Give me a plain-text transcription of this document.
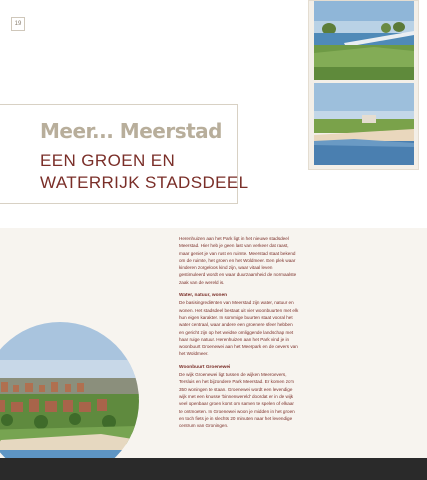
19
Meer... Meerstad
EEN GROEN EN
WATERRIJK STADSDEEL

Herenhuizen aan het Park ligt in het nieuwe stadsdeel Meerstad. Hier heb je geen last van verkeer dat raast, maar geniet je van rust en ruimte. Meerstad staat bekend om de ruimte, het groen en het Woldmeer. Een plek waar kinderen zorgeloos kind zijn, waar vitaal leven gestimuleerd wordt en waar duurzaamheid de normaalste zaak van de wereld is.

Water, natuur, wonen

De basisingrediënten van Meerstad zijn water, natuur en wonen. Het stadsdeel bestaat uit vier woonbuurten met elk hun eigen karakter. In sommige buurten staat vooral het water centraal, waar andere een groenere sfeer hebben en gericht zijn op het weidse omliggende landschap met haar ruige natuur. Herenhuizen aan het Park vind je in woonbuurt Groenewei aan het Meerpark en de oevers van het Woldmeer.

Woonbuurt Groenewei

De wijk Groenewei ligt tussen de wijken Meeroevers, Tersluis en het bijzondere Park Meerstad. Er komen zo'n 350 woningen te staan. Groenewei wordt een levendige wijk met een knusse 'binnenwereld' doordat er in de wijk veel openbaar groen komt om samen te spelen of elkaar te ontmoeten. In Groenewei woon je midden in het groen en toch fiets je in slechts 20 minuten naar het levendige centrum van Groningen.
